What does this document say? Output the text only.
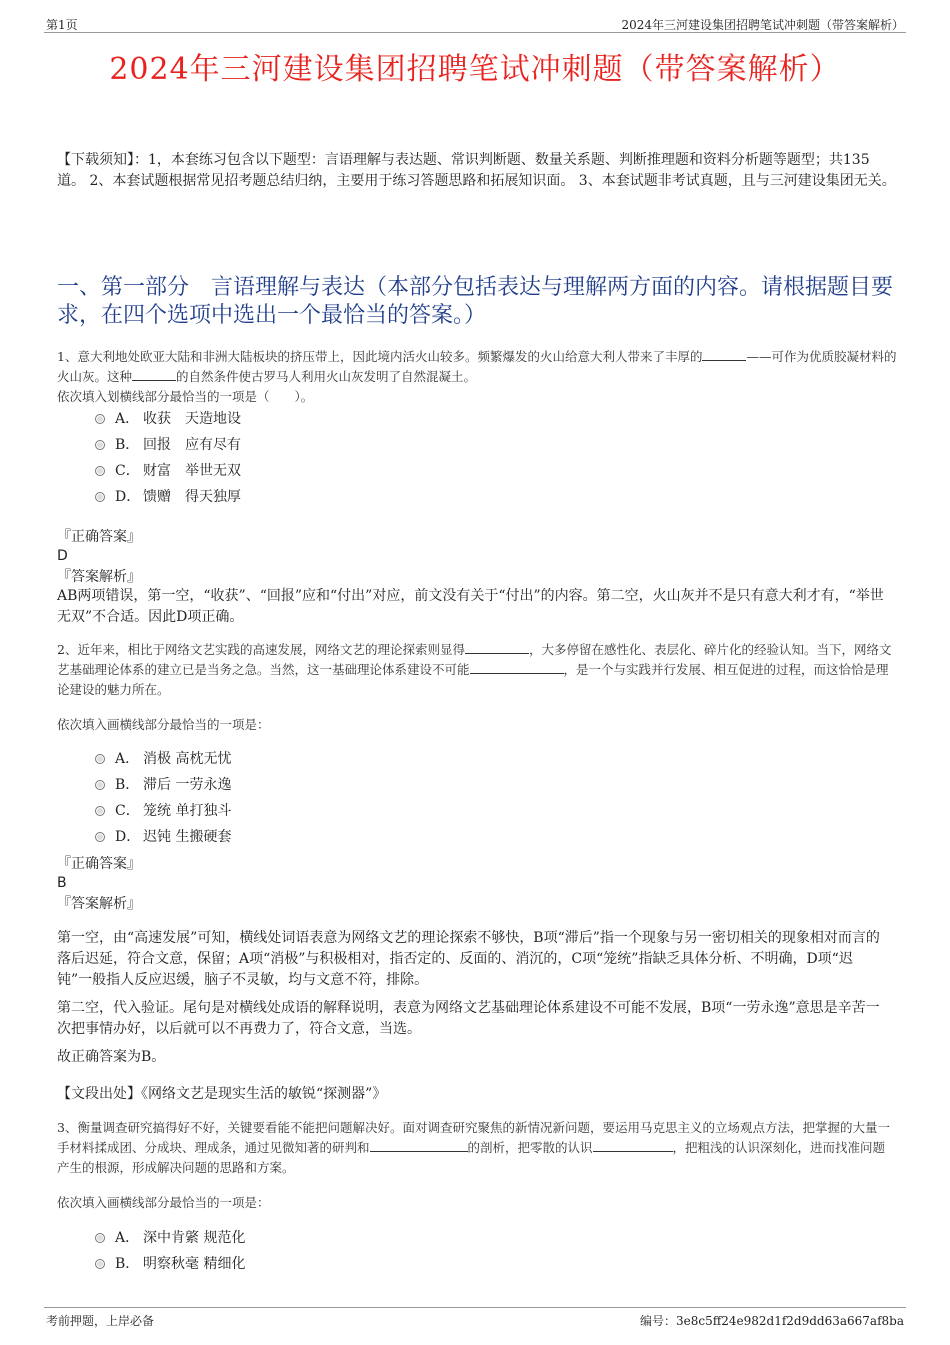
第1页	2024年三河建设集团招聘笔试冲刺题（带答案解析）
2024年三河建设集团招聘笔试冲刺题（带答案解析）
【下载须知】：1，本套练习包含以下题型：言语理解与表达题、常识判断题、数量关系题、判断推理题和资料分析题等题型；共135道。 2、本套试题根据常见招考题总结归纳，主要用于练习答题思路和拓展知识面。 3、本套试题非考试真题，且与三河建设集团无关。
一、第一部分　言语理解与表达（本部分包括表达与理解两方面的内容。请根据题目要求，在四个选项中选出一个最恰当的答案。）
1、意大利地处欧亚大陆和非洲大陆板块的挤压带上，因此境内活火山较多。频繁爆发的火山给意大利人带来了丰厚的	——可作为优质胶凝材料的火山灰。这种	的自然条件使古罗马人利用火山灰发明了自然混凝土。
依次填入划横线部分最恰当的一项是（　　）。
A． 收获　天造地设
B． 回报　应有尽有
C． 财富　举世无双
D． 馈赠　得天独厚
『正确答案』
D
『答案解析』
AB两项错误，第一空，“收获”、“回报”应和“付出”对应，前文没有关于“付出”的内容。第二空，火山灰并不是只有意大利才有，“举世无双”不合适。因此D项正确。
2、近年来，相比于网络文艺实践的高速发展，网络文艺的理论探索则显得	，大多停留在感性化、表层化、碎片化的经验认知。当下，网络文艺基础理论体系的建立已是当务之急。当然，这一基础理论体系建设不可能	，是一个与实践并行发展、相互促进的过程，而这恰恰是理论建设的魅力所在。
依次填入画横线部分最恰当的一项是：
A． 消极 高枕无忧
B． 滞后 一劳永逸
C． 笼统 单打独斗
D． 迟钝 生搬硬套
『正确答案』
B
『答案解析』
第一空，由“高速发展”可知，横线处词语表意为网络文艺的理论探索不够快，B项“滞后”指一个现象与另一密切相关的现象相对而言的落后迟延，符合文意，保留；A项“消极”与积极相对，指否定的、反面的、消沉的，C项“笼统”指缺乏具体分析、不明确，D项“迟钝”一般指人反应迟缓，脑子不灵敏，均与文意不符，排除。
第二空，代入验证。尾句是对横线处成语的解释说明，表意为网络文艺基础理论体系建设不可能不发展，B项“一劳永逸”意思是辛苦一次把事情办好，以后就可以不再费力了，符合文意，当选。
故正确答案为B。
【文段出处】《网络文艺是现实生活的敏锐“探测器”》
3、衡量调查研究搞得好不好，关键要看能不能把问题解决好。面对调查研究聚焦的新情况新问题，要运用马克思主义的立场观点方法，把掌握的大量一手材料揉成团、分成块、理成条，通过见微知著的研判和	的剖析，把零散的认识	，把粗浅的认识深刻化，进而找准问题产生的根源，形成解决问题的思路和方案。
依次填入画横线部分最恰当的一项是：
A． 深中肯綮 规范化
B． 明察秋毫 精细化
考前押题，上岸必备	编号：3e8c5ff24e982d1f2d9dd63a667af8ba
